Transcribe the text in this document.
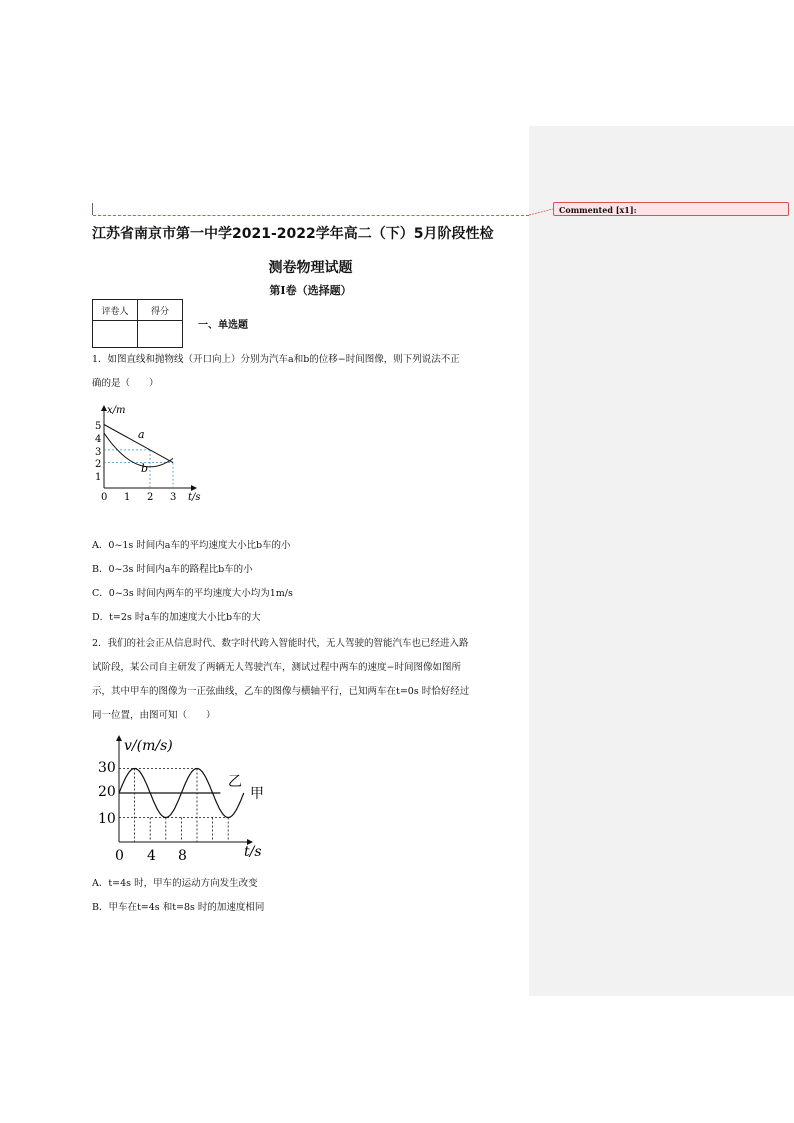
Commented [x1]:
江苏省南京市第一中学2021-2022学年高二（下）5月阶段性检
测卷物理试题
第I卷（选择题）
评卷人	得分

一、单选题
1．如图直线和抛物线（开口向上）分别为汽车a和b的位移−时间图像，则下列说法不正
确的是（　　）
a
b
x/m
t/s
1
2
3
4
5
0 1 2 3
A．0~1s 时间内a车的平均速度大小比b车的小
B．0~3s 时间内a车的路程比b车的小
C．0~3s 时间内两车的平均速度大小均为1m/s
D．t=2s 时a车的加速度大小比b车的大
2．我们的社会正从信息时代、数字时代跨入智能时代，无人驾驶的智能汽车也已经进入路
试阶段，某公司自主研发了两辆无人驾驶汽车，测试过程中两车的速度−时间图像如图所
示，其中甲车的图像为一正弦曲线，乙车的图像与横轴平行，已知两车在t=0s 时恰好经过
同一位置，由图可知（　　）
乙
甲
v/(m/s)
t/s
10
20
30
0 4 8
A．t=4s 时，甲车的运动方向发生改变
B．甲车在t=4s 和t=8s 时的加速度相同
